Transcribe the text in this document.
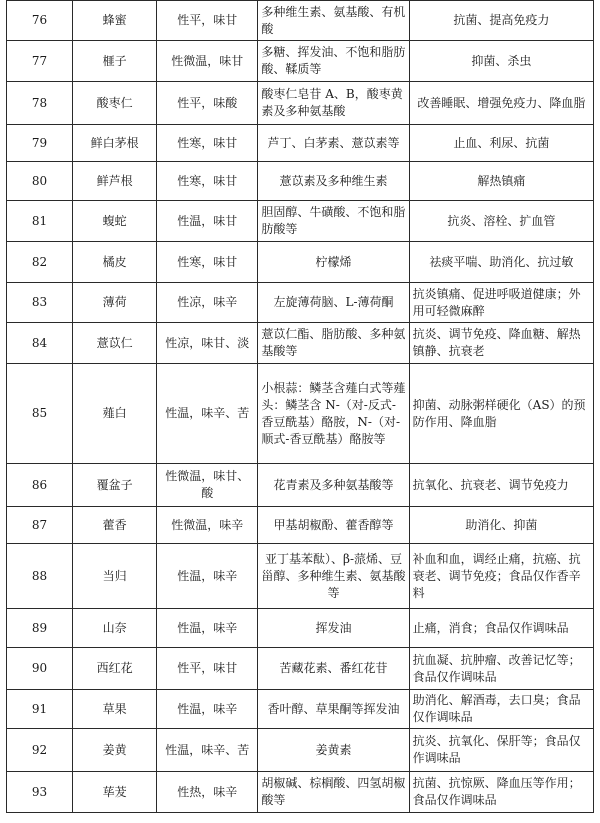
76	蜂蜜	性平，味甘	多种维生素、氨基酸、有机酸	抗菌、提高免疫力
77	榧子	性微温，味甘	多糖、挥发油、不饱和脂肪酸、鞣质等	抑菌、杀虫
78	酸枣仁	性平，味酸	酸枣仁皂苷 A、B，酸枣黄素及多种氨基酸	改善睡眠、增强免疫力、降血脂
79	鲜白茅根	性寒，味甘	芦丁、白茅素、薏苡素等	止血、利尿、抗菌
80	鲜芦根	性寒，味甘	薏苡素及多种维生素	解热镇痛
81	蝮蛇	性温，味甘	胆固醇、牛磺酸、不饱和脂肪酸等	抗炎、溶栓、扩血管
82	橘皮	性寒，味甘	柠檬烯	祛痰平喘、助消化、抗过敏
83	薄荷	性凉，味辛	左旋薄荷脑、L-薄荷酮	抗炎镇痛、促进呼吸道健康；外用可轻微麻醉
84	薏苡仁	性凉，味甘、淡	薏苡仁酯、脂肪酸、多种氨基酸等	抗炎、调节免疫、降血糖、解热镇静、抗衰老
85	薤白	性温，味辛、苦	小根蒜：鳞茎含薤白式等薤头：鳞茎含 N-（对-反式-香豆酰基）酪胺，N-（对-顺式-香豆酰基）酪胺等	抑菌、动脉粥样硬化（AS）的预防作用、降血脂
86	覆盆子	性微温，味甘、酸	花青素及多种氨基酸等	抗氧化、抗衰老、调节免疫力
87	藿香	性微温，味辛	甲基胡椒酚、藿香醇等	助消化、抑菌
88	当归	性温，味辛	亚丁基苯酞）、β-蒎烯、豆甾醇、多种维生素、氨基酸等	补血和血，调经止痛，抗癌、抗衰老、调节免疫；食品仅作香辛料
89	山奈	性温，味辛	挥发油	止痛，消食；食品仅作调味品
90	西红花	性平，味甘	苦藏花素、番红花苷	抗血凝、抗肿瘤、改善记忆等；食品仅作调味品
91	草果	性温，味辛	香叶醇、草果酮等挥发油	助消化、解酒毒，去口臭；食品仅作调味品
92	姜黄	性温，味辛、苦	姜黄素	抗炎、抗氧化、保肝等；食品仅作调味品
93	荜茇	性热，味辛	胡椒碱、棕榈酸、四氢胡椒酸等	抗菌、抗惊厥、降血压等作用；食品仅作调味品
